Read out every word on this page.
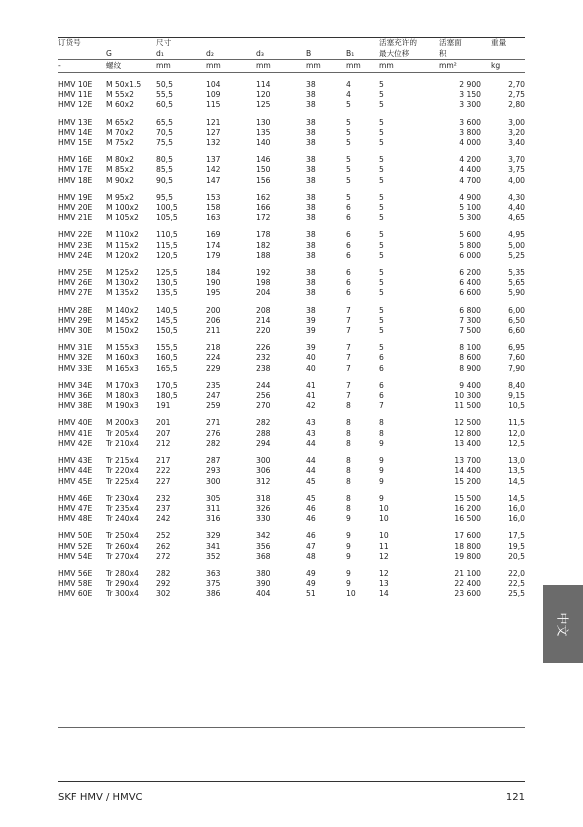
订货号		尺寸					活塞充许的	活塞面	重量
	G	d₁	d₂	d₃	B	B₁	最大位移	积	
-	螺纹	mm	mm	mm	mm	mm	mm	mm²	kg
HMV 10E	M 50x1.5	50,5	104	114	38	4	5	2 900	2,70
HMV 11E	M 55x2	55,5	109	120	38	4	5	3 150	2,75
HMV 12E	M 60x2	60,5	115	125	38	5	5	3 300	2,80
HMV 13E	M 65x2	65,5	121	130	38	5	5	3 600	3,00
HMV 14E	M 70x2	70,5	127	135	38	5	5	3 800	3,20
HMV 15E	M 75x2	75,5	132	140	38	5	5	4 000	3,40
HMV 16E	M 80x2	80,5	137	146	38	5	5	4 200	3,70
HMV 17E	M 85x2	85,5	142	150	38	5	5	4 400	3,75
HMV 18E	M 90x2	90,5	147	156	38	5	5	4 700	4,00
HMV 19E	M 95x2	95,5	153	162	38	5	5	4 900	4,30
HMV 20E	M 100x2	100,5	158	166	38	6	5	5 100	4,40
HMV 21E	M 105x2	105,5	163	172	38	6	5	5 300	4,65
HMV 22E	M 110x2	110,5	169	178	38	6	5	5 600	4,95
HMV 23E	M 115x2	115,5	174	182	38	6	5	5 800	5,00
HMV 24E	M 120x2	120,5	179	188	38	6	5	6 000	5,25
HMV 25E	M 125x2	125,5	184	192	38	6	5	6 200	5,35
HMV 26E	M 130x2	130,5	190	198	38	6	5	6 400	5,65
HMV 27E	M 135x2	135,5	195	204	38	6	5	6 600	5,90
HMV 28E	M 140x2	140,5	200	208	38	7	5	6 800	6,00
HMV 29E	M 145x2	145,5	206	214	39	7	5	7 300	6,50
HMV 30E	M 150x2	150,5	211	220	39	7	5	7 500	6,60
HMV 31E	M 155x3	155,5	218	226	39	7	5	8 100	6,95
HMV 32E	M 160x3	160,5	224	232	40	7	6	8 600	7,60
HMV 33E	M 165x3	165,5	229	238	40	7	6	8 900	7,90
HMV 34E	M 170x3	170,5	235	244	41	7	6	9 400	8,40
HMV 36E	M 180x3	180,5	247	256	41	7	6	10 300	9,15
HMV 38E	M 190x3	191	259	270	42	8	7	11 500	10,5
HMV 40E	M 200x3	201	271	282	43	8	8	12 500	11,5
HMV 41E	Tr 205x4	207	276	288	43	8	8	12 800	12,0
HMV 42E	Tr 210x4	212	282	294	44	8	9	13 400	12,5
HMV 43E	Tr 215x4	217	287	300	44	8	9	13 700	13,0
HMV 44E	Tr 220x4	222	293	306	44	8	9	14 400	13,5
HMV 45E	Tr 225x4	227	300	312	45	8	9	15 200	14,5
HMV 46E	Tr 230x4	232	305	318	45	8	9	15 500	14,5
HMV 47E	Tr 235x4	237	311	326	46	8	10	16 200	16,0
HMV 48E	Tr 240x4	242	316	330	46	9	10	16 500	16,0
HMV 50E	Tr 250x4	252	329	342	46	9	10	17 600	17,5
HMV 52E	Tr 260x4	262	341	356	47	9	11	18 800	19,5
HMV 54E	Tr 270x4	272	352	368	48	9	12	19 800	20,5
HMV 56E	Tr 280x4	282	363	380	49	9	12	21 100	22,0
HMV 58E	Tr 290x4	292	375	390	49	9	13	22 400	22,5
HMV 60E	Tr 300x4	302	386	404	51	10	14	23 600	25,5
中文
SKF HMV / HMVC	121
